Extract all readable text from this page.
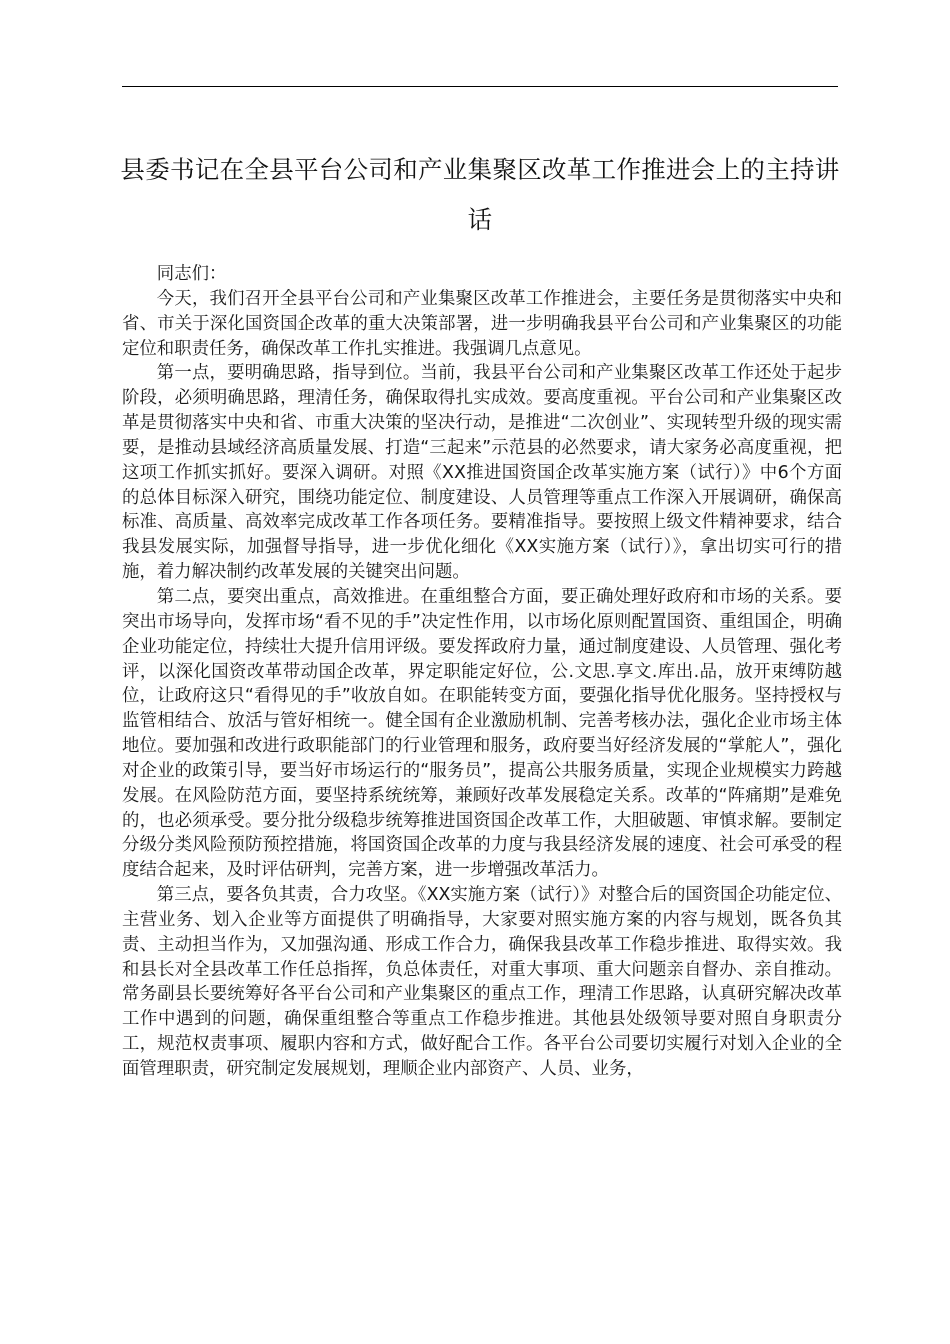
县委书记在全县平台公司和产业集聚区改革工作推进会上的主持讲话

同志们：

今天，我们召开全县平台公司和产业集聚区改革工作推进会，主要任务是贯彻落实中央和省、市关于深化国资国企改革的重大决策部署，进一步明确我县平台公司和产业集聚区的功能定位和职责任务，确保改革工作扎实推进。我强调几点意见。

第一点，要明确思路，指导到位。当前，我县平台公司和产业集聚区改革工作还处于起步阶段，必须明确思路，理清任务，确保取得扎实成效。要高度重视。平台公司和产业集聚区改革是贯彻落实中央和省、市重大决策的坚决行动，是推进“二次创业”、实现转型升级的现实需要，是推动县域经济高质量发展、打造“三起来”示范县的必然要求，请大家务必高度重视，把这项工作抓实抓好。要深入调研。对照《XX推进国资国企改革实施方案（试行）》中6个方面的总体目标深入研究，围绕功能定位、制度建设、人员管理等重点工作深入开展调研，确保高标准、高质量、高效率完成改革工作各项任务。要精准指导。要按照上级文件精神要求，结合我县发展实际，加强督导指导，进一步优化细化《XX实施方案（试行）》，拿出切实可行的措施，着力解决制约改革发展的关键突出问题。

第二点，要突出重点，高效推进。在重组整合方面，要正确处理好政府和市场的关系。要突出市场导向，发挥市场“看不见的手”决定性作用，以市场化原则配置国资、重组国企，明确企业功能定位，持续壮大提升信用评级。要发挥政府力量，通过制度建设、人员管理、强化考评，以深化国资改革带动国企改革，界定职能定好位，公.文思.享文.库出.品，放开束缚防越位，让政府这只“看得见的手”收放自如。在职能转变方面，要强化指导优化服务。坚持授权与监管相结合、放活与管好相统一。健全国有企业激励机制、完善考核办法，强化企业市场主体地位。要加强和改进行政职能部门的行业管理和服务，政府要当好经济发展的“掌舵人”，强化对企业的政策引导，要当好市场运行的“服务员”，提高公共服务质量，实现企业规模实力跨越发展。在风险防范方面，要坚持系统统筹，兼顾好改革发展稳定关系。改革的“阵痛期”是难免的，也必须承受。要分批分级稳步统筹推进国资国企改革工作，大胆破题、审慎求解。要制定分级分类风险预防预控措施，将国资国企改革的力度与我县经济发展的速度、社会可承受的程度结合起来，及时评估研判，完善方案，进一步增强改革活力。

第三点，要各负其责，合力攻坚。《XX实施方案（试行）》对整合后的国资国企功能定位、主营业务、划入企业等方面提供了明确指导，大家要对照实施方案的内容与规划，既各负其责、主动担当作为，又加强沟通、形成工作合力，确保我县改革工作稳步推进、取得实效。我和县长对全县改革工作任总指挥，负总体责任，对重大事项、重大问题亲自督办、亲自推动。常务副县长要统筹好各平台公司和产业集聚区的重点工作，理清工作思路，认真研究解决改革工作中遇到的问题，确保重组整合等重点工作稳步推进。其他县处级领导要对照自身职责分工，规范权责事项、履职内容和方式，做好配合工作。各平台公司要切实履行对划入企业的全面管理职责，研究制定发展规划，理顺企业内部资产、人员、业务，
